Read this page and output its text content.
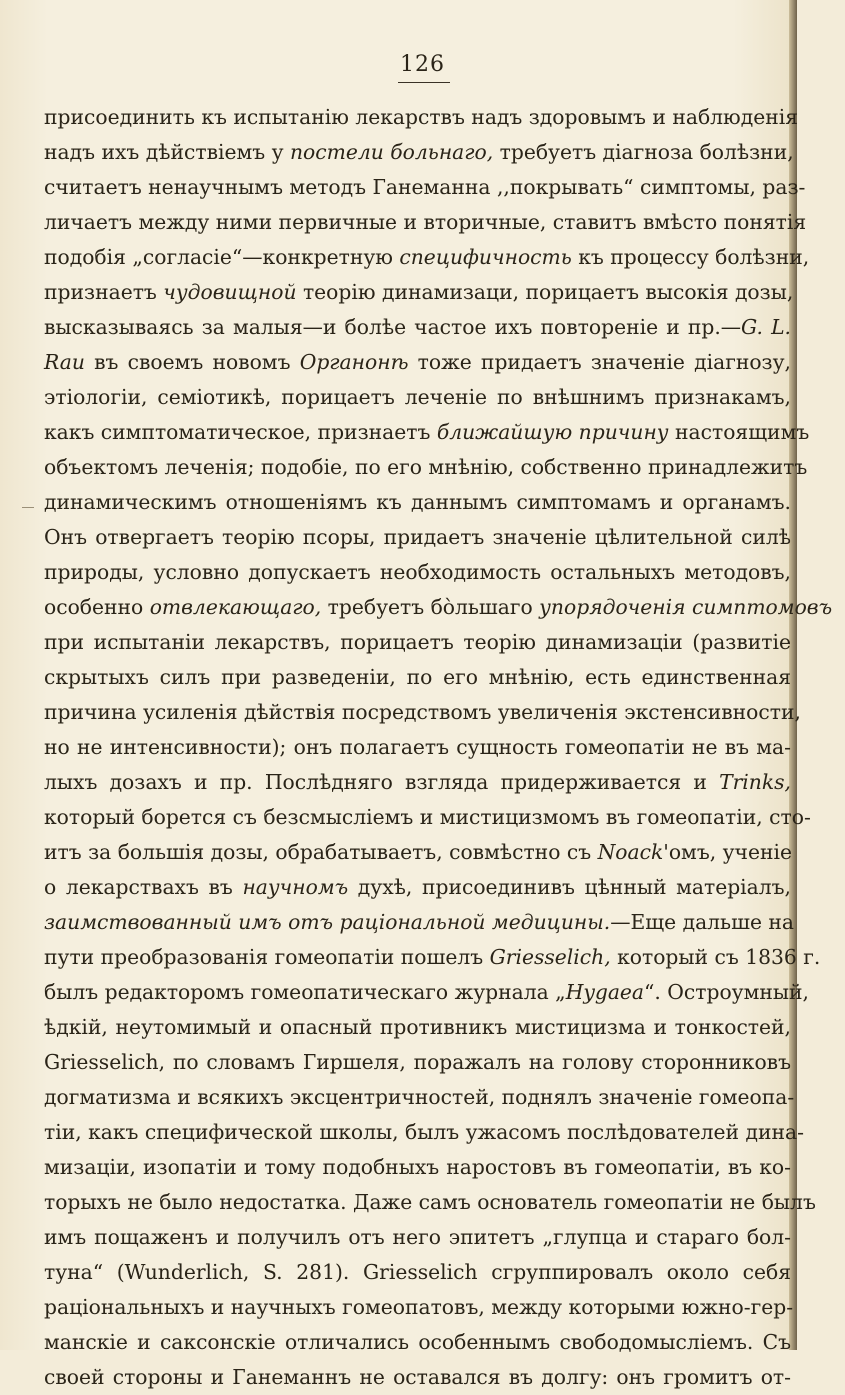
126
присоединить къ испытанію лекарствъ надъ здоровымъ и наблюденія
надъ ихъ дѣйствіемъ у постели больнаго, требуетъ діагноза болѣзни,
считаетъ ненаучнымъ методъ Ганеманна ,,покрывать“ симптомы, раз-
личаетъ между ними первичные и вторичные, ставитъ вмѣсто понятія
подобія „согласіе“—конкретную специфичность къ процессу болѣзни,
признаетъ чудовищной теорію динамизаци, порицаетъ высокія дозы,
высказываясь за малыя—и болѣе частое ихъ повтореніе и пр.—G. L.
Rau въ своемъ новомъ Органонѣ тоже придаетъ значеніе діагнозу,
этіологіи, семіотикѣ, порицаетъ леченіе по внѣшнимъ признакамъ,
какъ симптоматическое, признаетъ ближайшую причину настоящимъ
объектомъ леченія; подобіе, по его мнѣнію, собственно принадлежитъ
динамическимъ отношеніямъ къ даннымъ симптомамъ и органамъ.
Онъ отвергаетъ теорію псоры, придаетъ значеніе цѣлительной силѣ
природы, условно допускаетъ необходимость остальныхъ методовъ,
особенно отвлекающаго, требуетъ бо̀льшаго упорядоченія симптомовъ
при испытаніи лекарствъ, порицаетъ теорію динамизаціи (развитіе
скрытыхъ силъ при разведеніи, по его мнѣнію, есть единственная
причина усиленія дѣйствія посредствомъ увеличенія экстенсивности,
но не интенсивности); онъ полагаетъ сущность гомеопатіи не въ ма-
лыхъ дозахъ и пр. Послѣдняго взгляда придерживается и Trinks,
который борется съ безсмысліемъ и мистицизмомъ въ гомеопатіи, сто-
итъ за большія дозы, обрабатываетъ, совмѣстно съ Noack'омъ, ученіе
о лекарствахъ въ научномъ духѣ, присоединивъ цѣнный матеріалъ,
заимствованный имъ отъ раціональной медицины.—Еще дальше на
пути преобразованія гомеопатіи пошелъ Griesselich, который съ 1836 г.
былъ редакторомъ гомеопатическаго журнала „Hygaea“. Остроумный,
ѣдкій, неутомимый и опасный противникъ мистицизма и тонкостей,
Griesselich, по словамъ Гиршеля, поражалъ на голову сторонниковъ
догматизма и всякихъ эксцентричностей, поднялъ значеніе гомеопа-
тіи, какъ специфической школы, былъ ужасомъ послѣдователей дина-
мизаціи, изопатіи и тому подобныхъ наростовъ въ гомеопатіи, въ ко-
торыхъ не было недостатка. Даже самъ основатель гомеопатіи не былъ
имъ пощаженъ и получилъ отъ него эпитетъ „глупца и стараго бол-
туна“ (Wunderlich, S. 281). Griesselich сгруппировалъ около себя
раціональныхъ и научныхъ гомеопатовъ, между которыми южно-гер-
манскіе и саксонскіе отличались особеннымъ свободомысліемъ. Съ
своей стороны и Ганеманнъ не оставался въ долгу: онъ громитъ от-
